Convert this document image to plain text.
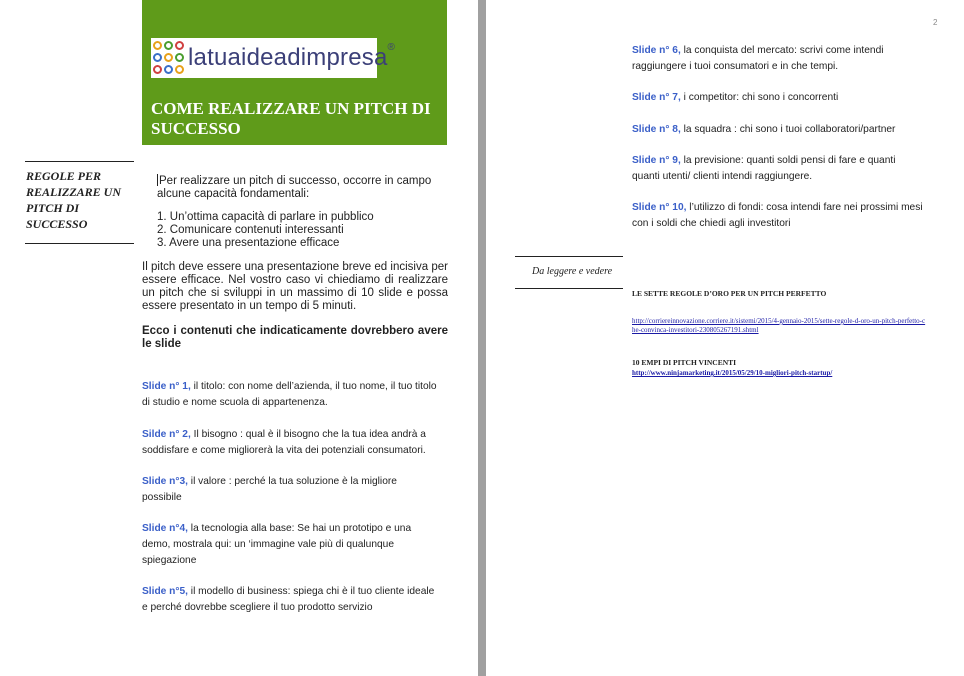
latuaideadimpresa®
COME REALIZZARE UN PITCH DI SUCCESSO
REGOLE PER REALIZZARE UN PITCH DI SUCCESSO
Per realizzare un pitch di successo, occorre in campo alcune capacità fondamentali:
1. Un’ottima capacità di parlare in pubblico
2. Comunicare contenuti interessanti
3. Avere una presentazione efficace
Il pitch deve essere una presentazione breve ed incisiva per essere efficace. Nel vostro caso vi chiediamo di realizzare un pitch che si sviluppi in un massimo di 10 slide e possa essere presentato in un tempo di 5 minuti.
Ecco i contenuti che indicaticamente dovrebbero avere le slide
Slide n° 1, il titolo: con nome dell’azienda, il tuo nome, il tuo titolo di studio e nome scuola di appartenenza.
Silde n° 2, Il bisogno : qual è il bisogno che la tua idea andrà a soddisfare e come migliorerà la vita dei potenziali consumatori.
Slide n°3, il valore : perché la tua soluzione è la migliore possibile
Slide n°4, la tecnologia alla base: Se hai un prototipo e una demo, mostrala qui: un ‘immagine vale più di qualunque spiegazione
Slide n°5, il modello di business: spiega chi è il tuo cliente ideale e perché dovrebbe scegliere il tuo prodotto servizio
2
Slide n° 6, la conquista del mercato: scrivi come intendi raggiungere i tuoi consumatori e in che tempi.
Slide n° 7, i competitor: chi sono i concorrenti
Slide n° 8, la squadra : chi sono i tuoi collaboratori/partner
Slide n° 9, la previsione: quanti soldi pensi di fare e quanti quanti utenti/ clienti intendi raggiungere.
Slide n° 10, l’utilizzo di fondi: cosa intendi fare nei prossimi mesi con i soldi che chiedi agli investitori
Da leggere e vedere
LE SETTE REGOLE D’ORO PER UN PITCH PERFETTO
http://corriereinnovazione.corriere.it/sistemi/2015/4-gennaio-2015/sette-regole-d-oro-un-pitch-perfetto-che-convinca-investitori-230805267191.shtml
10 EMPI DI PITCH VINCENTI
http://www.ninjamarketing.it/2015/05/29/10-migliori-pitch-startup/
